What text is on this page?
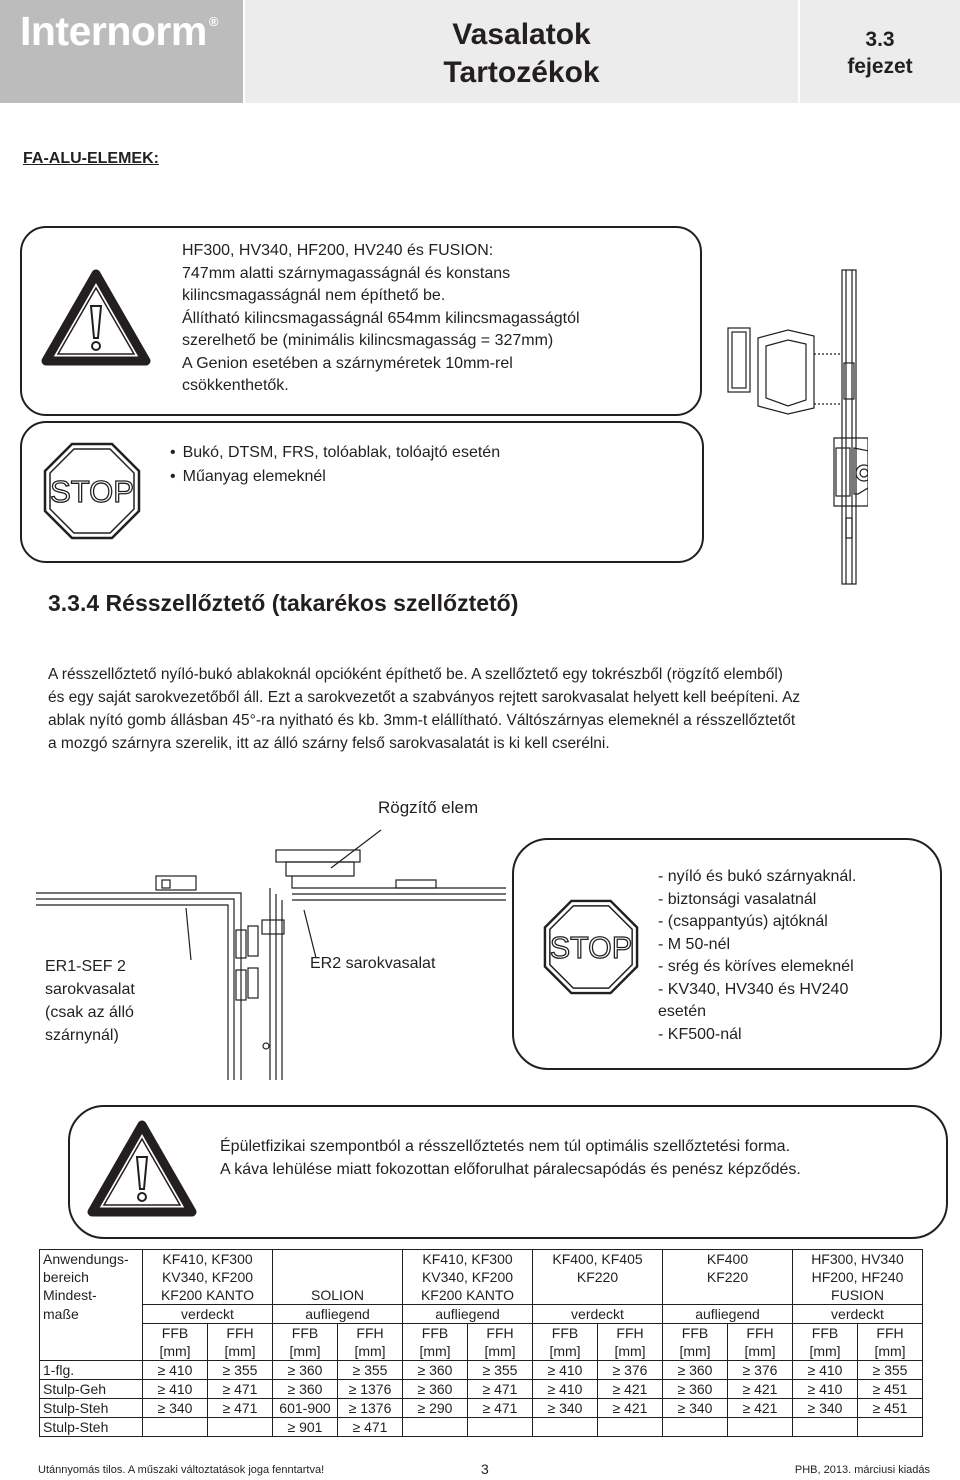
Internorm ®	Vasalatok
Tartozékok
3.3
fejezet
FA-ALU-ELEMEK:
HF300, HV340, HF200, HV240 és FUSION:
747mm alatti szárnymagasságnál és konstans
kilincsmagasságnál nem építhető be.
Állítható kilincsmagasságnál 654mm kilincsmagasságtól
szerelhető be (minimális kilincsmagasság = 327mm)
A Genion esetében a szárnyméretek 10mm-rel
csökkenthetők.
STOP
• Bukó, DTSM, FRS, tolóablak, tolóajtó esetén
• Műanyag elemeknél
3.3.4 Résszellőztető (takarékos szellőztető)
A résszellőztető nyíló-bukó ablakoknál opcióként építhető be. A szellőztető egy tokrészből (rögzítő elemből)
és egy saját sarokvezetőből áll. Ezt a sarokvezetőt a szabványos rejtett sarokvasalat helyett kell beépíteni. Az
ablak nyító gomb állásban 45°-ra nyitható és kb. 3mm-t elállítható. Váltószárnyas elemeknél a résszellőztetőt
a mozgó szárnyra szerelik, itt az álló szárny felső sarokvasalatát is ki kell cserélni.
Rögzítő elem
ER1-SEF 2
sarokvasalat
(csak az álló
szárnynál)
ER2 sarokvasalat	STOP
- nyíló és bukó szárnyaknál.
- biztonsági vasalatnál
- (csappantyús) ajtóknál
- M 50-nél
- srég és köríves elemeknél
- KV340, HV340 és HV240
esetén
- KF500-nál
Épületfizikai szempontból a résszellőztetés nem túl optimális szellőztetési forma.
A káva lehülése miatt fokozottan előforulhat páralecsapódás és penész képződés.
Anwendungs-	KF410, KF300				KF410, KF300		KF400, KF405		KF400		HF300, HV340	
bereich	KV340, KF200				KV340, KF200		KF220		KF220		HF200, HF240	
Mindest-	KF200 KANTO		SOLION		KF200 KANTO						FUSION	
maße	verdeckt		aufliegend		aufliegend		verdeckt		aufliegend		verdeckt	
	FFB	FFH	FFB	FFH	FFB	FFH	FFB	FFH	FFB	FFH	FFB	FFH
	[mm]	[mm]	[mm]	[mm]	[mm]	[mm]	[mm]	[mm]	[mm]	[mm]	[mm]	[mm]
1-flg.	≥ 410	≥ 355	≥ 360	≥ 355	≥ 360	≥ 355	≥ 410	≥ 376	≥ 360	≥ 376	≥ 410	≥ 355
Stulp-Geh	≥ 410	≥ 471	≥ 360	≥ 1376	≥ 360	≥ 471	≥ 410	≥ 421	≥ 360	≥ 421	≥ 410	≥ 451
Stulp-Steh	≥ 340	≥ 471	601-900	≥ 1376	≥ 290	≥ 471	≥ 340	≥ 421	≥ 340	≥ 421	≥ 340	≥ 451
Stulp-Steh			≥ 901	≥ 471								
Utánnyomás tilos. A műszaki változtatások joga fenntartva!	3	PHB, 2013. márciusi kiadás
